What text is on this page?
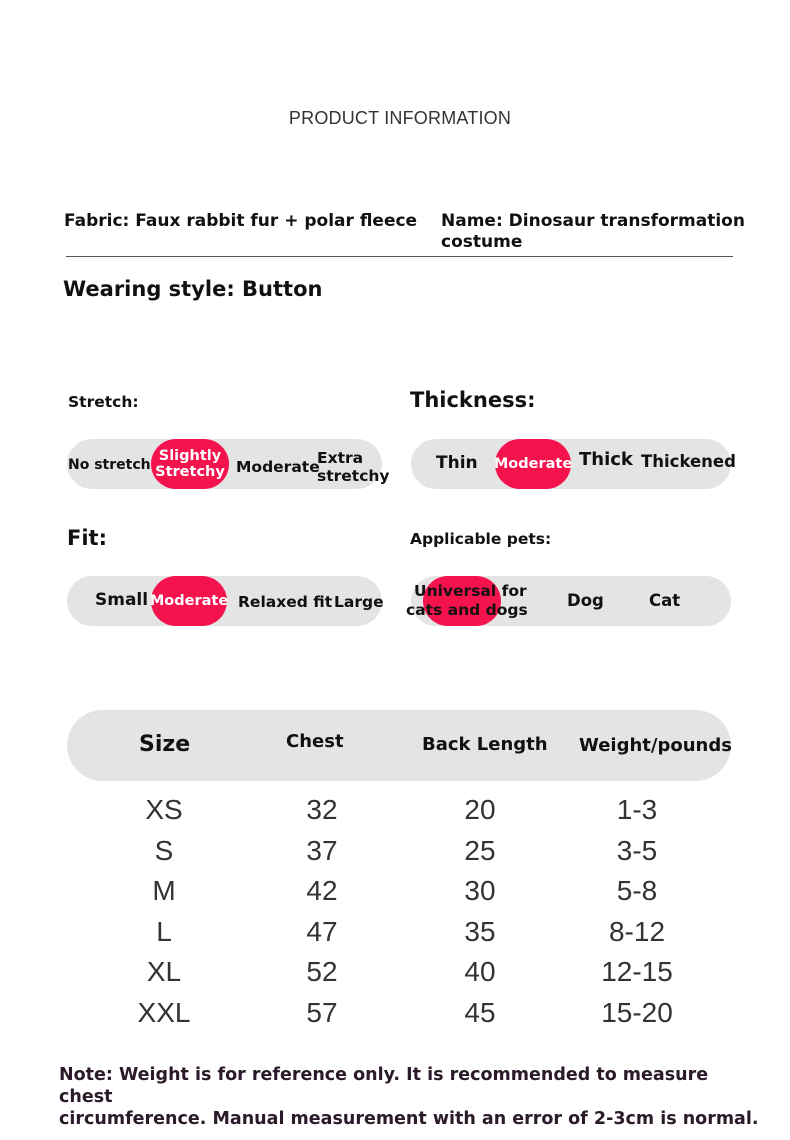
PRODUCT INFORMATION
Fabric: Faux rabbit fur + polar fleece	Name: Dinosaur transformation
costume
Wearing style: Button
Stretch:
No stretch
Slightly
Stretchy Moderate
Extra
stretchy
Thickness:
Thin Moderate Thick Thickened
Fit:
Small Moderate Relaxed fit Large
Applicable pets:
Universal for
cats and dogs Dog	Cat
Size	Chest	Back Length Weight/pounds
XS	32	20	1-3
S	37	25	3-5
M	42	30	5-8
L	47	35	8-12
XL	52	40	12-15
XXL	57	45	15-20
Note: Weight is for reference only. It is recommended to measure chest
circumference. Manual measurement with an error of 2-3cm is normal.
